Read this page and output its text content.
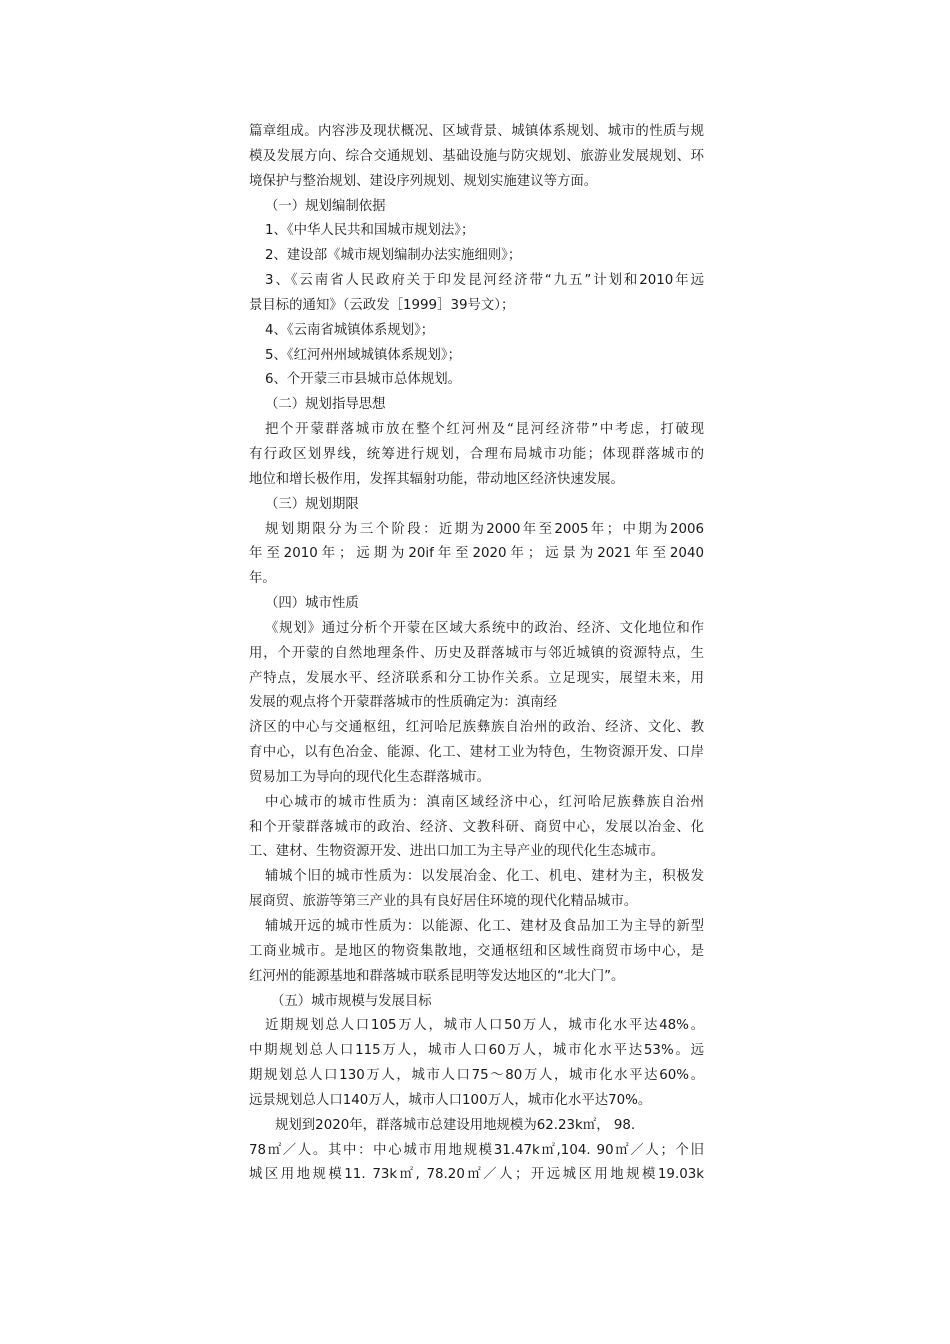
篇章组成。内容涉及现状概况、区域背景、城镇体系规划、城市的性质与规
模及发展方向、综合交通规划、基础设施与防灾规划、旅游业发展规划、环
境保护与整治规划、建设序列规划、规划实施建议等方面。
（一）规划编制依据
1、《中华人民共和国城市规划法》；
2、建设部《城市规划编制办法实施细则》；
3、《云南省人民政府关于印发昆河经济带“九五”计划和2010年远
景目标的通知》（云政发［1999］39号文）；
4、《云南省城镇体系规划》；
5、《红河州州域城镇体系规划》；
6、个开蒙三市县城市总体规划。
（二）规划指导思想
把个开蒙群落城市放在整个红河州及“昆河经济带”中考虑，打破现
有行政区划界线，统筹进行规划，合理布局城市功能；体现群落城市的
地位和增长极作用，发挥其辐射功能，带动地区经济快速发展。
（三）规划期限
规划期限分为三个阶段：近期为2000年至2005年；中期为2006
年至2010年；远期为20if年至2020年；远景为2021年至2040
年。
（四）城市性质
《规划》通过分析个开蒙在区域大系统中的政治、经济、文化地位和作
用，个开蒙的自然地理条件、历史及群落城市与邻近城镇的资源特点，生
产特点，发展水平、经济联系和分工协作关系。立足现实，展望未来，用
发展的观点将个开蒙群落城市的性质确定为：滇南经
济区的中心与交通枢纽，红河哈尼族彝族自治州的政治、经济、文化、教
育中心，以有色冶金、能源、化工、建材工业为特色，生物资源开发、口岸
贸易加工为导向的现代化生态群落城市。
中心城市的城市性质为：滇南区域经济中心，红河哈尼族彝族自治州
和个开蒙群落城市的政治、经济、文教科研、商贸中心，发展以冶金、化
工、建材、生物资源开发、进出口加工为主导产业的现代化生态城市。
辅城个旧的城市性质为：以发展冶金、化工、机电、建材为主，积极发
展商贸、旅游等第三产业的具有良好居住环境的现代化精品城市。
辅城开远的城市性质为：以能源、化工、建材及食品加工为主导的新型
工商业城市。是地区的物资集散地，交通枢纽和区域性商贸市场中心，是
红河州的能源基地和群落城市联系昆明等发达地区的“北大门”。
（五）城市规模与发展目标
近期规划总人口105万人，城市人口50万人，城市化水平达48%。
中期规划总人口115万人，城市人口60万人，城市化水平达53%。远
期规划总人口130万人，城市人口75～80万人，城市化水平达60%。
远景规划总人口140万人，城市人口100万人，城市化水平达70%。
规划到2020年，群落城市总建设用地规模为62.23k㎡， 98.
78㎡／人。其中：中心城市用地规模31.47k㎡,104. 90㎡／人；个旧
城区用地规模11. 73k㎡, 78.20㎡／人；开远城区用地规模19.03k
